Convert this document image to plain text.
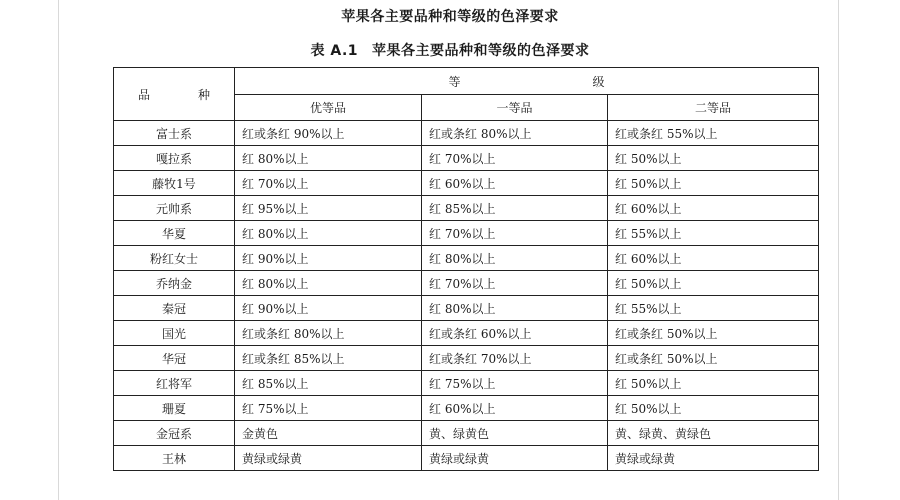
苹果各主要品种和等级的色泽要求
表 A.1 苹果各主要品种和等级的色泽要求
品　种	等　级		
	优等品	一等品	二等品
富士系	红或条红 90%以上	红或条红 80%以上	红或条红 55%以上
嘎拉系	红 80%以上	红 70%以上	红 50%以上
藤牧1号	红 70%以上	红 60%以上	红 50%以上
元帅系	红 95%以上	红 85%以上	红 60%以上
华夏	红 80%以上	红 70%以上	红 55%以上
粉红女士	红 90%以上	红 80%以上	红 60%以上
乔纳金	红 80%以上	红 70%以上	红 50%以上
秦冠	红 90%以上	红 80%以上	红 55%以上
国光	红或条红 80%以上	红或条红 60%以上	红或条红 50%以上
华冠	红或条红 85%以上	红或条红 70%以上	红或条红 50%以上
红将军	红 85%以上	红 75%以上	红 50%以上
珊夏	红 75%以上	红 60%以上	红 50%以上
金冠系	金黄色	黄、绿黄色	黄、绿黄、黄绿色
王林	黄绿或绿黄	黄绿或绿黄	黄绿或绿黄
